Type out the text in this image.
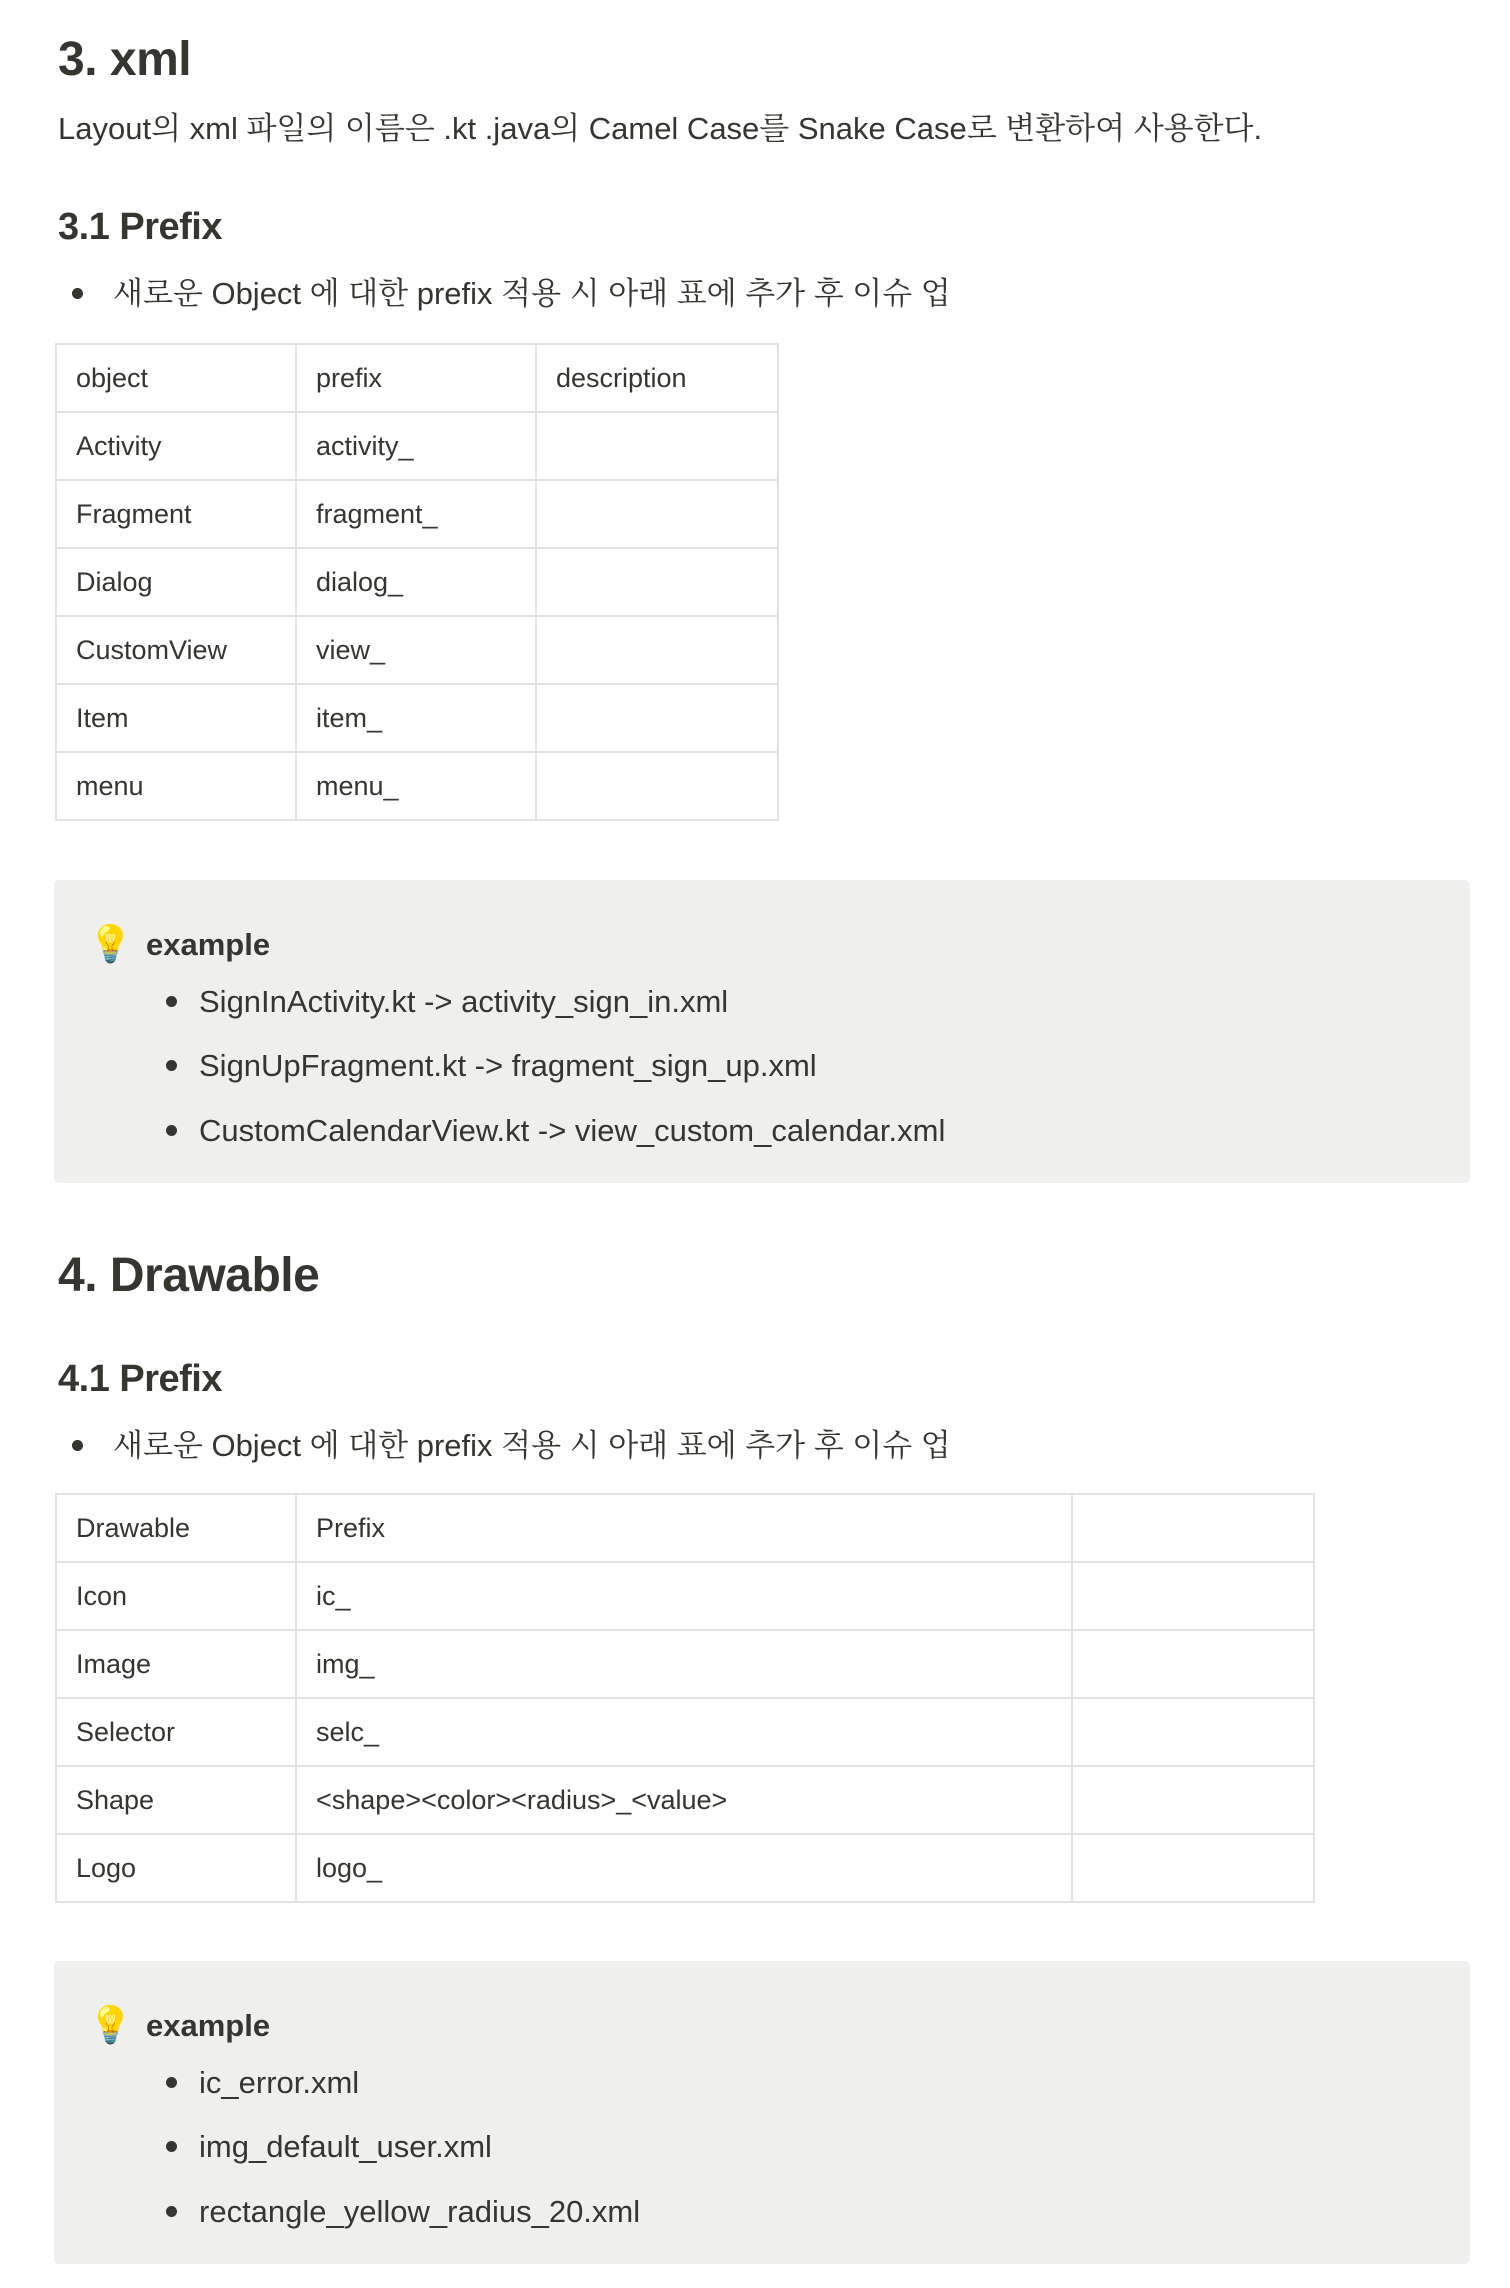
3. xml
Layout의 xml 파일의 이름은 .kt .java의 Camel Case를 Snake Case로 변환하여 사용한다.
3.1 Prefix
새로운 Object 에 대한 prefix 적용 시 아래 표에 추가 후 이슈 업
object	prefix	description
Activity	activity_	
Fragment	fragment_	
Dialog	dialog_	
CustomView	view_	
Item	item_	
menu	menu_	
💡 example
SignInActivity.kt -> activity_sign_in.xml
SignUpFragment.kt -> fragment_sign_up.xml
CustomCalendarView.kt -> view_custom_calendar.xml
4. Drawable
4.1 Prefix
새로운 Object 에 대한 prefix 적용 시 아래 표에 추가 후 이슈 업
Drawable	Prefix	
Icon	ic_	
Image	img_	
Selector	selc_	
Shape	<shape><color><radius>_<value>	
Logo	logo_	
💡 example
ic_error.xml
img_default_user.xml
rectangle_yellow_radius_20.xml
